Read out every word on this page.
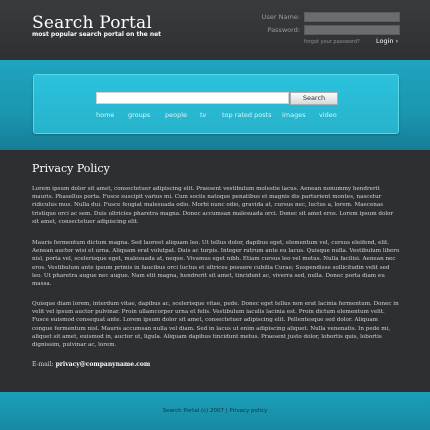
Search Portal
most popular search portal on the net
User Name:
Password:
forgot your password? Login ›
Search
home groups people tv top rated posts images video
Privacy Policy
Lorem ipsum dolor sit amet, consectetuer adipiscing elit. Praesent vestibulum molestie lacus. Aenean nonummy hendrerit mauris. Phasellus porta. Fusce suscipit varius mi. Cum sociis natoque penatibus et magnis dis parturient montes, nascetur ridiculus mus. Nulla dui. Fusce feugiat malesuada odio. Morbi nunc odio, gravida at, cursus nec, luctus a, lorem. Maecenas tristique orci ac sem. Duis ultricies pharetra magna. Donec accumsan malesuada orci. Donec sit amet eros. Lorem ipsum dolor sit amet, consectetuer adipiscing elit.
Mauris fermentum dictum magna. Sed laoreet aliquam leo. Ut tellus dolor, dapibus eget, elementum vel, cursus eleifend, elit. Aenean auctor wisi et urna. Aliquam erat volutpat. Duis ac turpis. Integer rutrum ante eu lacus. Quisque nulla. Vestibulum libero nisl, porta vel, scelerisque eget, malesuada at, neque. Vivamus eget nibh. Etiam cursus leo vel metus. Nulla facilisi. Aenean nec eros. Vestibulum ante ipsum primis in faucibus orci luctus et ultrices posuere cubilia Curae; Suspendisse sollicitudin velit sed leo. Ut pharetra augue nec augue. Nam elit magna, hendrerit sit amet, tincidunt ac, viverra sed, nulla. Donec porta diam eu massa.
Quisque diam lorem, interdum vitae, dapibus ac, scelerisque vitae, pede. Donec eget tellus non erat lacinia fermentum. Donec in velit vel ipsum auctor pulvinar. Proin ullamcorper urna et felis. Vestibulum iaculis lacinia est. Proin dictum elementum velit. Fusce euismod consequat ante. Lorem ipsum dolor sit amet, consectetuer adipiscing elit. Pellentesque sed dolor. Aliquam congue fermentum nisl. Mauris accumsan nulla vel diam. Sed in lacus ut enim adipiscing aliquet. Nulla venenatis. In pede mi, aliquet sit amet, euismod in, auctor ut, ligula. Aliquam dapibus tincidunt metus. Praesent justo dolor, lobortis quis, lobortis dignissim, pulvinar ac, lorem.
E-mail: privacy@companyname.com
Search Portal (c) 2007 | Privacy policy
